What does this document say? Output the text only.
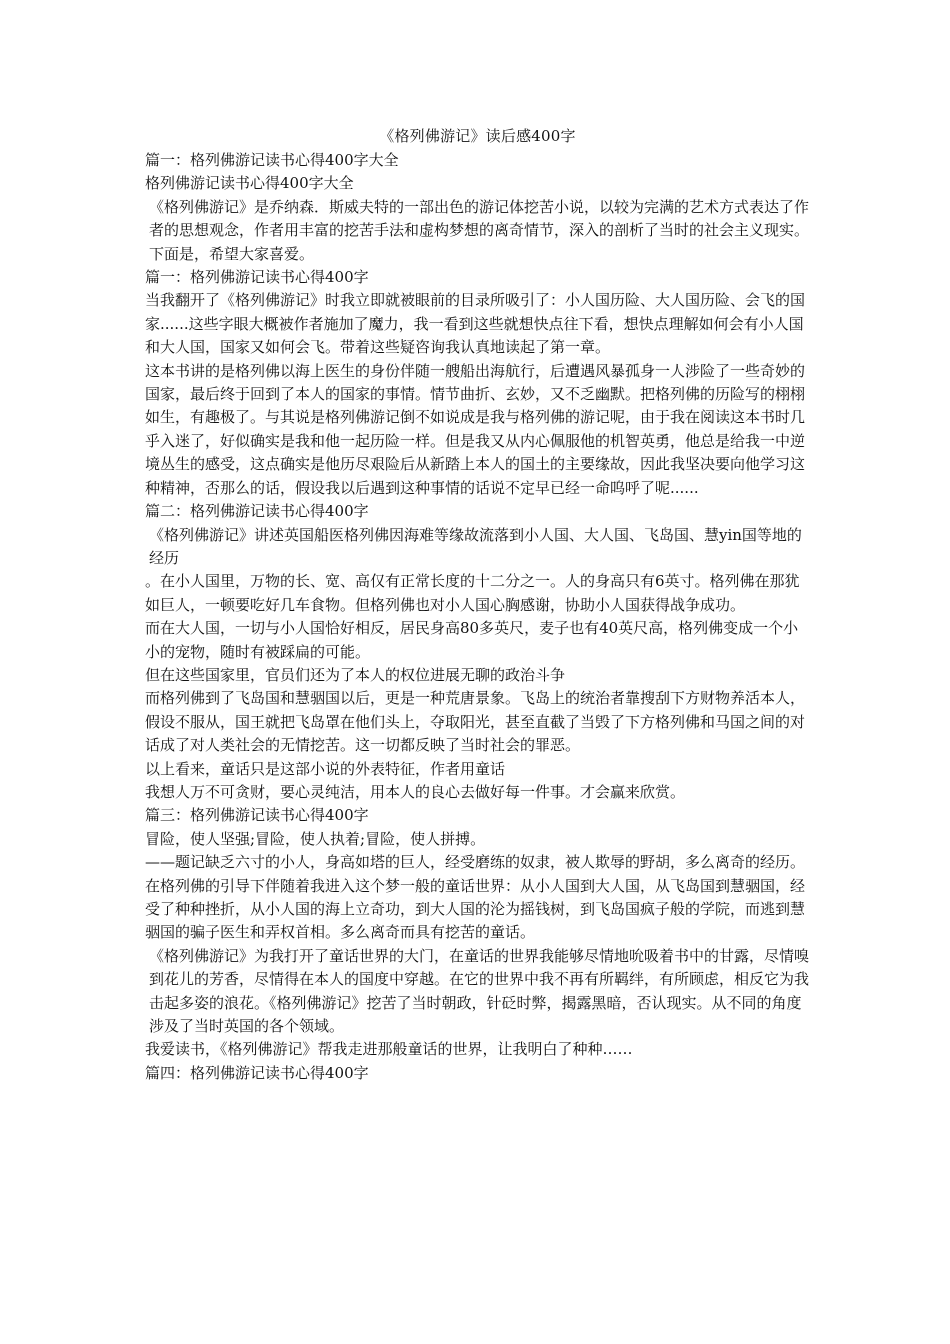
《格列佛游记》读后感400字

篇一：格列佛游记读书心得400字大全

格列佛游记读书心得400字大全

《格列佛游记》是乔纳森．斯威夫特的一部出色的游记体挖苦小说，以较为完满的艺术方式表达了作者的思想观念，作者用丰富的挖苦手法和虚构梦想的离奇情节，深入的剖析了当时的社会主义现实。下面是，希望大家喜爱。

篇一：格列佛游记读书心得400字

当我翻开了《格列佛游记》时我立即就被眼前的目录所吸引了：小人国历险、大人国历险、会飞的国家......这些字眼大概被作者施加了魔力，我一看到这些就想快点往下看，想快点理解如何会有小人国和大人国，国家又如何会飞。带着这些疑咨询我认真地读起了第一章。

这本书讲的是格列佛以海上医生的身份伴随一艘船出海航行，后遭遇风暴孤身一人涉险了一些奇妙的国家，最后终于回到了本人的国家的事情。情节曲折、玄妙，又不乏幽默。把格列佛的历险写的栩栩如生，有趣极了。与其说是格列佛游记倒不如说成是我与格列佛的游记呢，由于我在阅读这本书时几乎入迷了，好似确实是我和他一起历险一样。但是我又从内心佩服他的机智英勇，他总是给我一中逆境丛生的感受，这点确实是他历尽艰险后从新踏上本人的国土的主要缘故，因此我坚决要向他学习这种精神，否那么的话，假设我以后遇到这种事情的话说不定早已经一命呜呼了呢......

篇二：格列佛游记读书心得400字

《格列佛游记》讲述英国船医格列佛因海难等缘故流落到小人国、大人国、飞岛国、慧yin国等地的经历

。在小人国里，万物的长、宽、高仅有正常长度的十二分之一。人的身高只有6英寸。格列佛在那犹如巨人，一顿要吃好几车食物。但格列佛也对小人国心胸感谢，协助小人国获得战争成功。

而在大人国，一切与小人国恰好相反，居民身高80多英尺，麦子也有40英尺高，格列佛变成一个小小的宠物，随时有被踩扁的可能。

但在这些国家里，官员们还为了本人的权位进展无聊的政治斗争

而格列佛到了飞岛国和慧骃国以后，更是一种荒唐景象。飞岛上的统治者靠搜刮下方财物养活本人，假设不服从，国王就把飞岛罩在他们头上，夺取阳光，甚至直截了当毁了下方格列佛和马国之间的对话成了对人类社会的无情挖苦。这一切都反映了当时社会的罪恶。

以上看来，童话只是这部小说的外表特征，作者用童话

我想人万不可贪财，要心灵纯洁，用本人的良心去做好每一件事。才会赢来欣赏。

篇三：格列佛游记读书心得400字

冒险，使人坚强;冒险，使人执着;冒险，使人拼搏。

——题记缺乏六寸的小人，身高如塔的巨人，经受磨练的奴隶，被人欺辱的野胡，多么离奇的经历。在格列佛的引导下伴随着我进入这个梦一般的童话世界：从小人国到大人国，从飞岛国到慧骃国，经受了种种挫折，从小人国的海上立奇功，到大人国的沦为摇钱树，到飞岛国疯子般的学院，而逃到慧骃国的骗子医生和弄权首相。多么离奇而具有挖苦的童话。

《格列佛游记》为我打开了童话世界的大门，在童话的世界我能够尽情地吮吸着书中的甘露，尽情嗅到花儿的芳香，尽情得在本人的国度中穿越。在它的世界中我不再有所羁绊，有所顾虑，相反它为我击起多姿的浪花。《格列佛游记》挖苦了当时朝政，针砭时弊，揭露黑暗，否认现实。从不同的角度涉及了当时英国的各个领域。

我爱读书，《格列佛游记》帮我走进那般童话的世界，让我明白了种种……

篇四：格列佛游记读书心得400字
